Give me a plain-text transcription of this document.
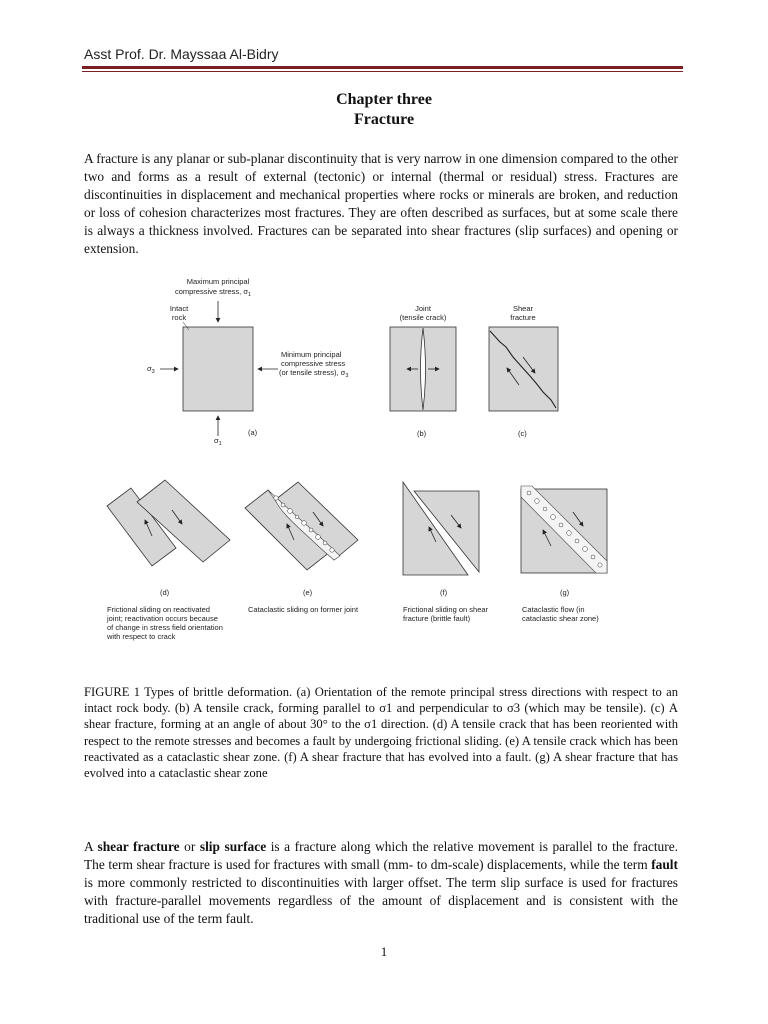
Asst Prof. Dr. Mayssaa Al-Bidry
Chapter three
Fracture

A fracture is any planar or sub-planar discontinuity that is very narrow in one dimension compared to the other two and forms as a result of external (tectonic) or internal (thermal or residual) stress. Fractures are discontinuities in displacement and mechanical properties where rocks or minerals are broken, and reduction or loss of cohesion characterizes most fractures. They are often described as surfaces, but at some scale there is always a thickness involved. Fractures can be separated into shear fractures (slip surfaces) and opening or extension.

Maximum principal
compressive stress, $\sigma_1$
Intact
rock
$\sigma_3$
$\sigma_1$
Minimum principal
compressive stress
(or tensile stress), $\sigma_3$
(a)
Joint
(tensile crack)
(b)
Shear
fracture
(c)
(d)
Frictional sliding on reactivated
joint; reactivation occurs because
of change in stress field orientation
with respect to crack
(e)
Cataclastic sliding on former joint
(f)
Frictional sliding on shear
fracture (brittle fault)
(g)
Cataclastic flow (in
cataclastic shear zone)

FIGURE 1 Types of brittle deformation. (a) Orientation of the remote principal stress directions with respect to an intact rock body. (b) A tensile crack, forming parallel to σ1 and perpendicular to σ3 (which may be tensile). (c) A shear fracture, forming at an angle of about 30° to the σ1 direction. (d) A tensile crack that has been reoriented with respect to the remote stresses and becomes a fault by undergoing frictional sliding. (e) A tensile crack which has been reactivated as a cataclastic shear zone. (f) A shear fracture that has evolved into a fault. (g) A shear fracture that has evolved into a cataclastic shear zone

A shear fracture or slip surface is a fracture along which the relative movement is parallel to the fracture. The term shear fracture is used for fractures with small (mm- to dm-scale) displacements, while the term fault is more commonly restricted to discontinuities with larger offset. The term slip surface is used for fractures with fracture-parallel movements regardless of the amount of displacement and is consistent with the traditional use of the term fault.

1
